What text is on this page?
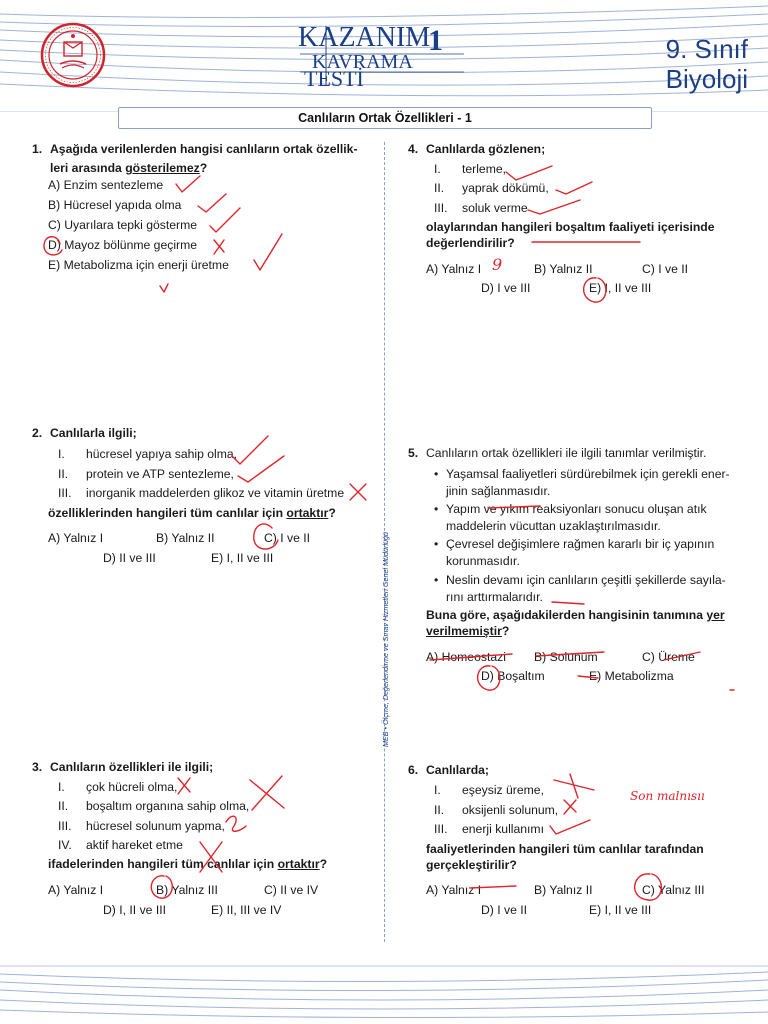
KAZANIM
KAVRAMA
TESTİ
1	9. Sınıf
Biyoloji
Canlıların Ortak Özellikleri - 1
MEB • Ölçme, Değerlendirme ve Sınav Hizmetleri Genel Müdürlüğü
1. Aşağıda verilenlerden hangisi canlıların ortak özellik-
leri arasında gösterilemez?
A) Enzim sentezleme
B) Hücresel yapıda olma
C) Uyarılara tepki gösterme
D) Mayoz bölünme geçirme
E) Metabolizma için enerji üretme
2. Canlılarla ilgili;
I. hücresel yapıya sahip olma,
II. protein ve ATP sentezleme,
III. inorganik maddelerden glikoz ve vitamin üretme
özelliklerinden hangileri tüm canlılar için ortaktır?
A) Yalnız I	B) Yalnız II	C) I ve II
D) II ve III	E) I, II ve III
3. Canlıların özellikleri ile ilgili;
I. çok hücreli olma,
II. boşaltım organına sahip olma,
III. hücresel solunum yapma,
IV. aktif hareket etme
ifadelerinden hangileri tüm canlılar için ortaktır?
A) Yalnız I	B) Yalnız III	C) II ve IV
D) I, II ve III	E) II, III ve IV
4. Canlılarda gözlenen;
I. terleme,
II. yaprak dökümü,
III. soluk verme
olaylarından hangileri boşaltım faaliyeti içerisinde
değerlendirilir?
A) Yalnız I	B) Yalnız II	C) I ve II
D) I ve III	E) I, II ve III
5. Canlıların ortak özellikleri ile ilgili tanımlar verilmiştir.
• Yaşamsal faaliyetleri sürdürebilmek için gerekli ener-
jinin sağlanmasıdır.
• Yapım ve yıkım reaksiyonları sonucu oluşan atık
maddelerin vücuttan uzaklaştırılmasıdır.
• Çevresel değişimlere rağmen kararlı bir iç yapının
korunmasıdır.
• Neslin devamı için canlıların çeşitli şekillerde sayıla-
rını arttırmalarıdır.
Buna göre, aşağıdakilerden hangisinin tanımına yer
verilmemiştir?
A) Homeostazi B) Solunum	C) Üreme
D) Boşaltım	E) Metabolizma
6. Canlılarda;
I. eşeysiz üreme,
II. oksijenli solunum,
III. enerji kullanımı
faaliyetlerinden hangileri tüm canlılar tarafından
gerçekleştirilir?
A) Yalnız I	B) Yalnız II	C) Yalnız III
D) I ve II	E) I, II ve III
9
Son malnısıı
